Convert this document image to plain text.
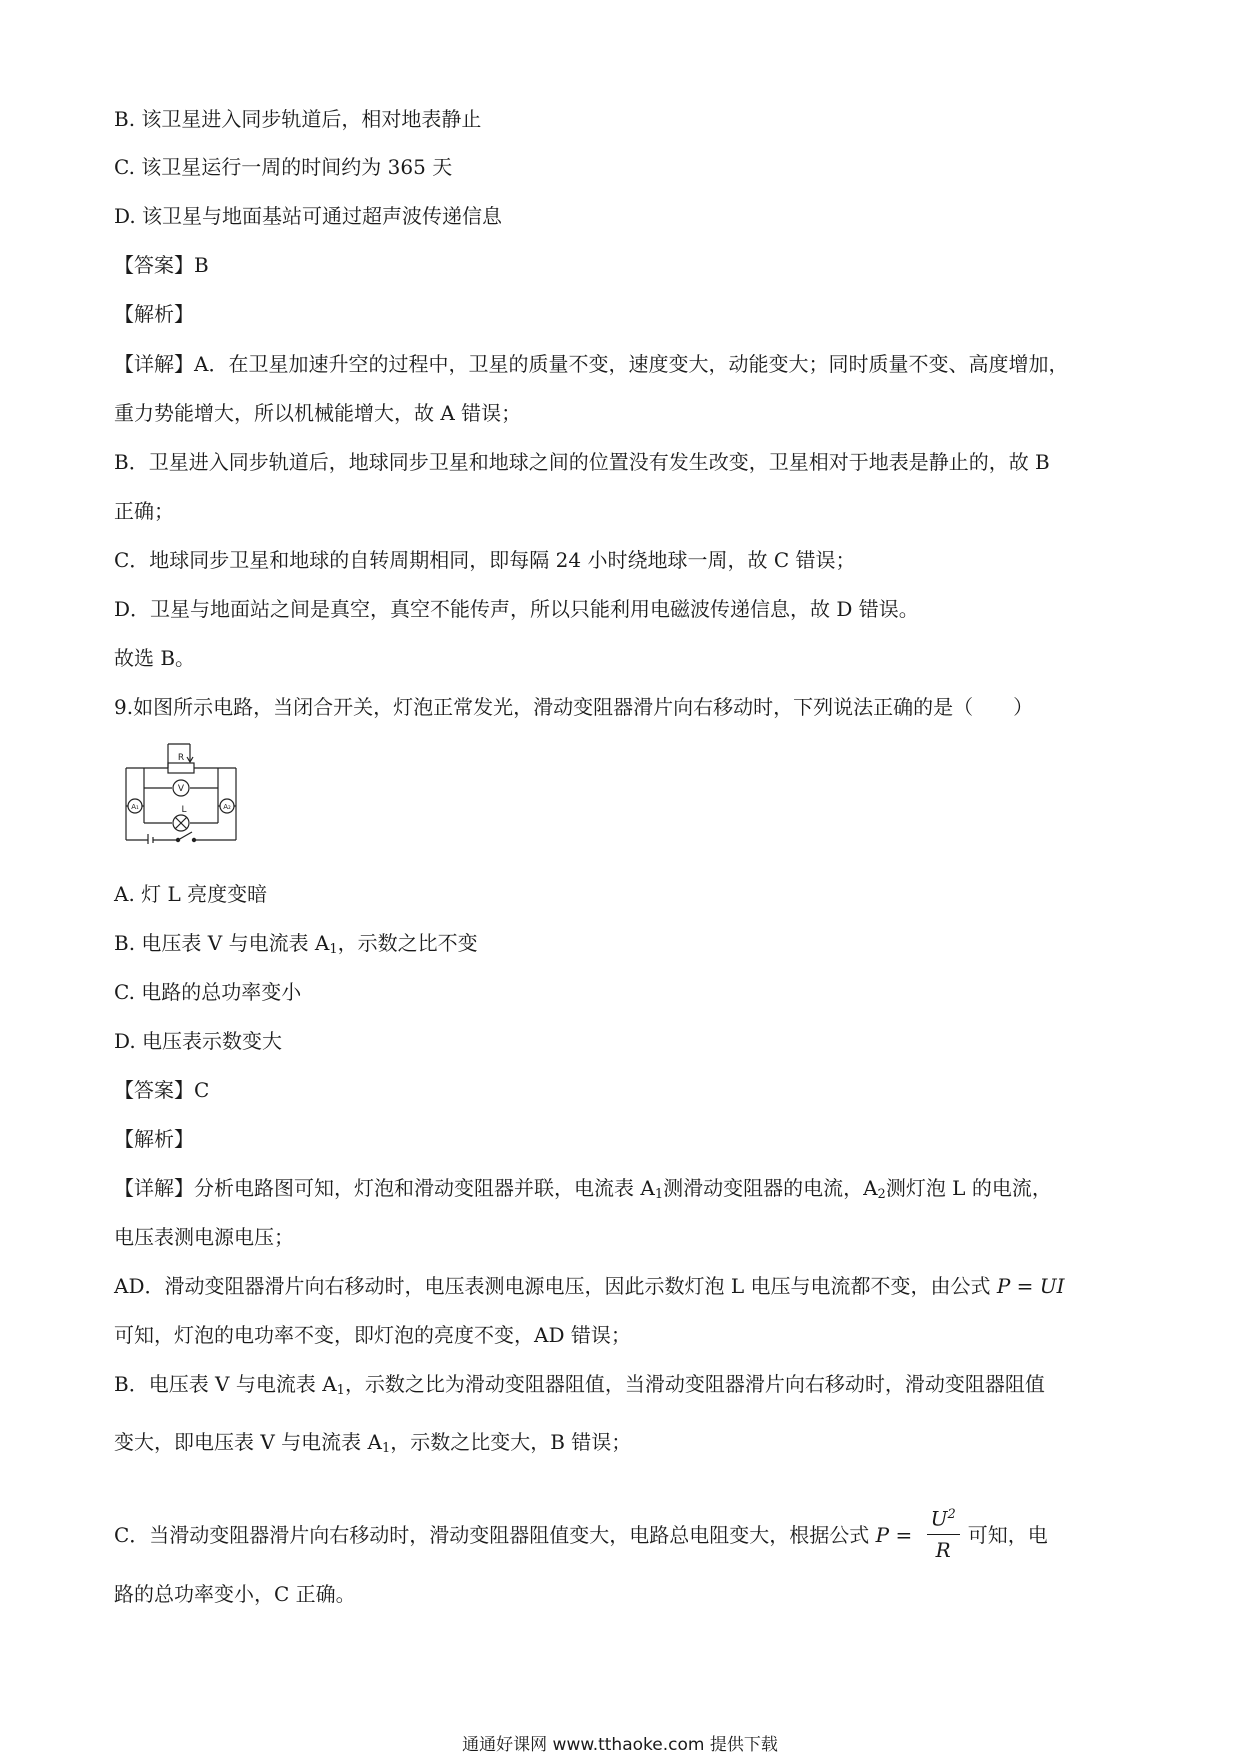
B. 该卫星进入同步轨道后，相对地表静止
C. 该卫星运行一周的时间约为 365 天
D. 该卫星与地面基站可通过超声波传递信息
【答案】B
【解析】
【详解】A．在卫星加速升空的过程中，卫星的质量不变，速度变大，动能变大；同时质量不变、高度增加，
重力势能增大，所以机械能增大，故 A 错误；
B．卫星进入同步轨道后，地球同步卫星和地球之间的位置没有发生改变，卫星相对于地表是静止的，故 B
正确；
C．地球同步卫星和地球的自转周期相同，即每隔 24 小时绕地球一周，故 C 错误；
D．卫星与地面站之间是真空，真空不能传声，所以只能利用电磁波传递信息，故 D 错误。
故选 B。
9.如图所示电路，当闭合开关，灯泡正常发光，滑动变阻器滑片向右移动时，下列说法正确的是（　　）
R
V
L
A₁	A₂
A. 灯 L 亮度变暗
B. 电压表 V 与电流表 $A_1$，示数之比不变
C. 电路的总功率变小
D. 电压表示数变大
【答案】C
【解析】
【详解】分析电路图可知，灯泡和滑动变阻器并联，电流表 $A_1$测滑动变阻器的电流，$A_2$测灯泡 L 的电流，
电压表测电源电压；
AD．滑动变阻器滑片向右移动时，电压表测电源电压，因此示数灯泡 L 电压与电流都不变，由公式 P = UI
可知，灯泡的电功率不变，即灯泡的亮度不变，AD 错误；
B．电压表 V 与电流表 $A_1$，示数之比为滑动变阻器阻值，当滑动变阻器滑片向右移动时，滑动变阻器阻值
变大，即电压表 V 与电流表 $A_1$，示数之比变大，B 错误；
C．当滑动变阻器滑片向右移动时，滑动变阻器阻值变大，电路总电阻变大，根据公式 $P = \frac{U^2}{R}$ 可知，电
路的总功率变小，C 正确。
通通好课网 www.tthaoke.com 提供下载
